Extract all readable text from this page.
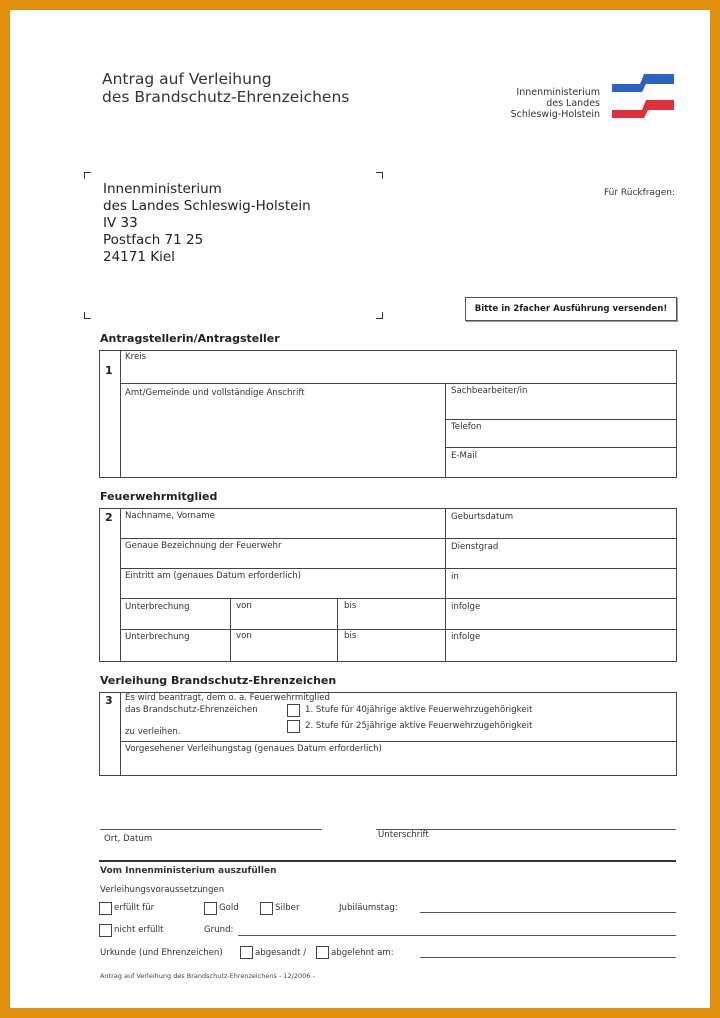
Antrag auf Verleihung
des Brandschutz-Ehrenzeichens	Innenministerium
des Landes
Schleswig-Holstein
Innenministerium
des Landes Schleswig-Holstein
IV 33
Postfach 71 25
24171 Kiel
Für Rückfragen:
Bitte in 2facher Ausführung versenden!
Antragstellerin/Antragsteller
1
Kreis
Amt/Gemeinde und vollständige Anschrift	Sachbearbeiter/in
Telefon
E-Mail
Feuerwehrmitglied
2 Nachname, Vorname	Geburtsdatum
Genaue Bezeichnung der Feuerwehr	Dienstgrad
Eintritt am (genaues Datum erforderlich)	in
Unterbrechung	von	bis	infolge
Unterbrechung	von	bis	infolge
Verleihung Brandschutz-Ehrenzeichen
3 Es wird beantragt, dem o. a. Feuerwehrmitglied
das Brandschutz-Ehrenzeichen
zu verleihen.
1. Stufe für 40jährige aktive Feuerwehrzugehörigkeit
2. Stufe für 25jährige aktive Feuerwehrzugehörigkeit
Vorgesehener Verleihungstag (genaues Datum erforderlich)
Ort, Datum	Unterschrift
Vom Innenministerium auszufüllen
Verleihungsvoraussetzungen
erfüllt für	Gold	Silber	Jubiläumstag:
nicht erfüllt	Grund:
Urkunde (und Ehrenzeichen)	abgesandt /	abgelehnt am:
Antrag auf Verleihung des Brandschutz-Ehrenzeichens - 12/2006 -
